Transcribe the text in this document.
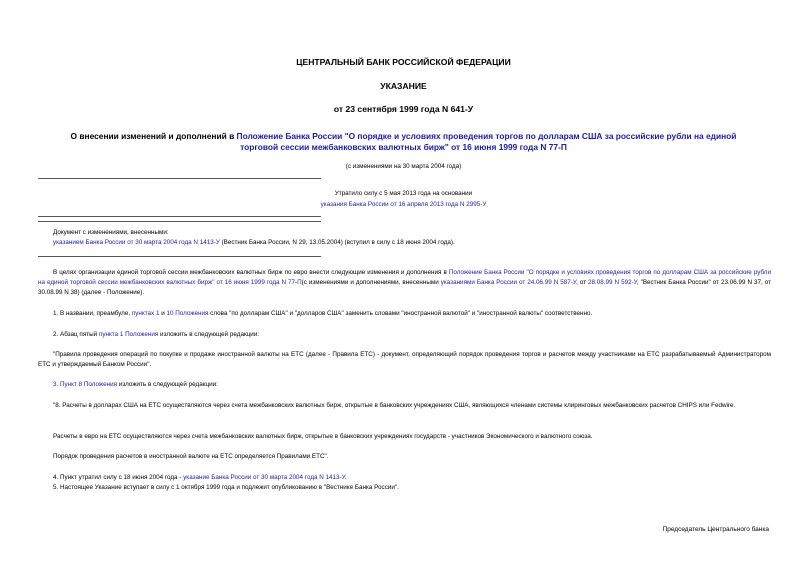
ЦЕНТРАЛЬНЫЙ БАНК РОССИЙСКОЙ ФЕДЕРАЦИИ
УКАЗАНИЕ
от 23 сентября 1999 года N 641-У
О внесении изменений и дополнений в Положение Банка России "О порядке и условиях проведения торгов по долларам США за российские рубли на единой
торговой сессии межбанковских валютных бирж" от 16 июня 1999 года N 77-П
(с изменениями на 30 марта 2004 года)
Утратило силу с 5 мая 2013 года на основании
указания Банка России от 16 апреля 2013 года N 2995-У
Документ с изменениями, внесенными:
указанием Банка России от 30 марта 2004 года N 1413-У (Вестник Банка России, N 29, 13.05.2004) (вступил в силу с 18 июня 2004 года).
В целях организации единой торговой сессии межбанковских валютных бирж по евро внести следующие изменения и дополнения в Положение Банка России "О порядке и условиях проведения торгов по долларам США за российские рубли на единой торговой сессии межбанковских валютных бирж" от 16 июня 1999 года N 77-П(с изменениями и дополнениями, внесенными указаниями Банка России от 24.06.99 N 587-У, от 28.08.99 N 592-У, "Вестник Банка России" от 23.06.99 N 37, от 30.08.99 N 38) (далее - Положение).
1. В названии, преамбуле, пунктах 1 и 10 Положения слова "по долларам США" и "долларов США" заменить словами "иностранной валютой" и "иностранной валюты" соответственно.
2. Абзац пятый пункта 1 Положения изложить в следующей редакции:
"Правила проведения операций по покупке и продаже иностранной валюты на ЕТС (далее - Правила ЕТС) - документ, определяющий порядок проведения торгов и расчетов между участниками на ЕТС разрабатываемый Администратором ЕТС и утверждаемый Банком России".
3. Пункт 8 Положения изложить в следующей редакции:
"8. Расчеты в долларах США на ЕТС осуществляются через счета межбанковских валютных бирж, открытые в банковских учреждениях США, являющихся членами системы клиринговых межбанковских расчетов CHIPS или Fedwire.
Расчеты в евро на ЕТС осуществляются через счета межбанковских валютных бирж, открытые в банковских учреждениях государств - участников Экономического и валютного союза.
Порядок проведения расчетов в иностранной валюте на ЕТС определяется Правилами ЕТС".
4. Пункт утратил силу с 18 июня 2004 года - указание Банка России от 30 марта 2004 года N 1413-У.
5. Настоящее Указание вступает в силу с 1 октября 1999 года и подлежит опубликованию в "Вестнике Банка России".
Председатель Центрального банка
